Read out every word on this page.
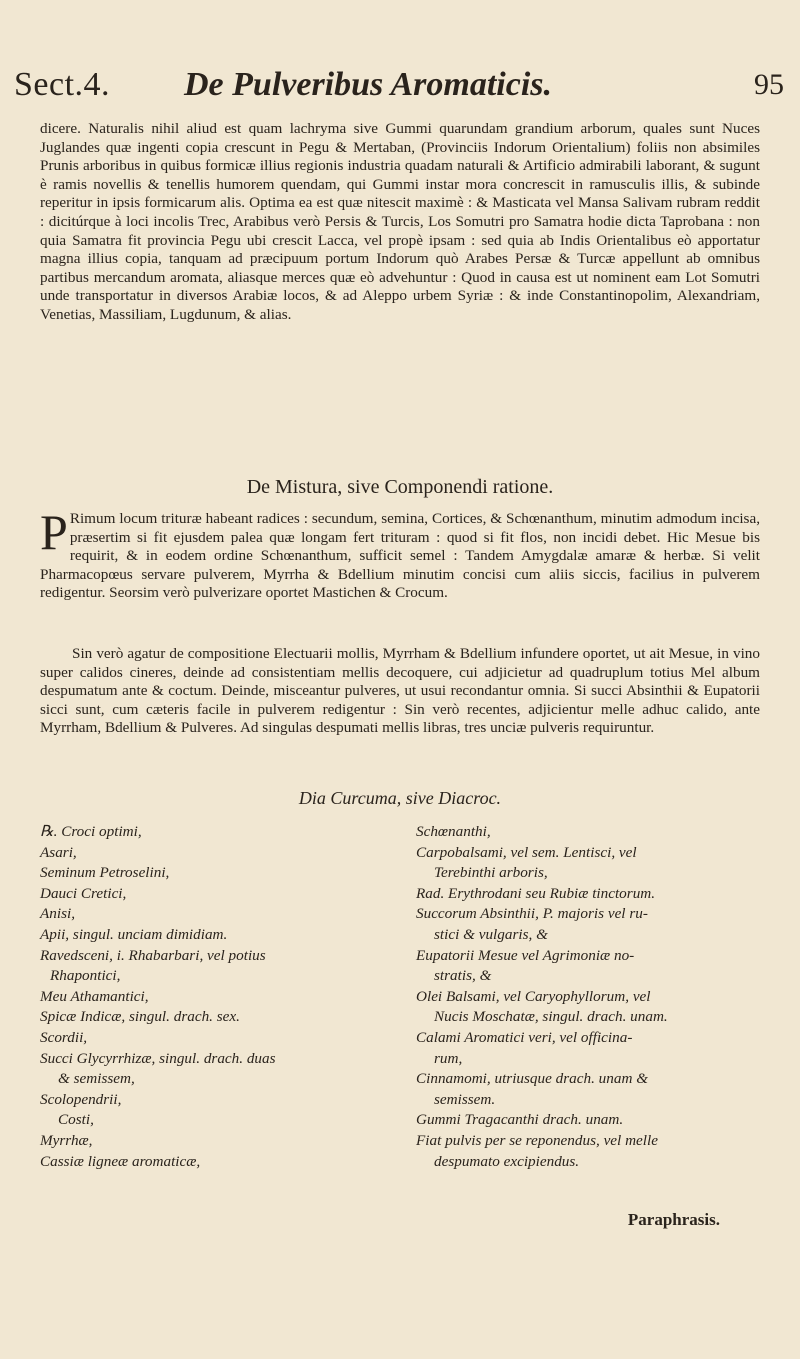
Sect.4. De Pulveribus Aromaticis.	95
dicere. Naturalis nihil aliud est quam lachryma sive Gummi quarundam grandium arborum, quales sunt Nuces Juglandes quæ ingenti copia crescunt in Pegu & Mertaban, (Provinciis Indorum Orientalium) foliis non absimiles Prunis arboribus in quibus formicæ illius regionis industria quadam naturali & Artificio admirabili laborant, & sugunt è ramis novellis & tenellis humorem quendam, qui Gummi instar mora concrescit in ramusculis illis, & subinde reperitur in ipsis formicarum alis. Optima ea est quæ nitescit maximè : & Masticata vel Mansa Salivam rubram reddit : dicitúrque à loci incolis Trec, Arabibus verò Persis & Turcis, Los Somutri pro Samatra hodie dicta Taprobana : non quia Samatra fit provincia Pegu ubi crescit Lacca, vel propè ipsam : sed quia ab Indis Orientalibus eò apportatur magna illius copia, tanquam ad præcipuum portum Indorum quò Arabes Persæ & Turcæ appellunt ab omnibus partibus mercandum aromata, aliasque merces quæ eò advehuntur : Quod in causa est ut nominent eam Lot Somutri unde transportatur in diversos Arabiæ locos, & ad Aleppo urbem Syriæ : & inde Constantinopolim, Alexandriam, Venetias, Massiliam, Lugdunum, & alias.
De Mistura, sive Componendi ratione.
P Rimum locum trituræ habeant radices : secundum, semina, Cortices, & Schœnanthum, minutim admodum incisa, præsertim si fit ejusdem palea quæ longam fert trituram : quod si fit flos, non incidi debet. Hic Mesue bis requirit, & in eodem ordine Schœnanthum, sufficit semel : Tandem Amygdalæ amaræ & herbæ. Si velit Pharmacopœus servare pulverem, Myrrha & Bdellium minutim concisi cum aliis siccis, facilius in pulverem redigentur. Seorsim verò pulverizare oportet Mastichen & Crocum.
Sin verò agatur de compositione Electuarii mollis, Myrrham & Bdellium infundere oportet, ut ait Mesue, in vino super calidos cineres, deinde ad consistentiam mellis decoquere, cui adjicietur ad quadruplum totius Mel album despumatum ante & coctum. Deinde, misceantur pulveres, ut usui recondantur omnia. Si succi Absinthii & Eupatorii sicci sunt, cum cæteris facile in pulverem redigentur : Sin verò recentes, adjicientur melle adhuc calido, ante Myrrham, Bdellium & Pulveres. Ad singulas despumati mellis libras, tres unciæ pulveris requiruntur.
Dia Curcuma, sive Diacroc.
℞. Croci optimi,
Asari,
Seminum Petroselini,
Dauci Cretici,
Anisi,
Apii, singul. unciam dimidiam.
Ravedsceni, i. Rhabarbari, vel potius
Rhapontici,
Meu Athamantici,
Spicæ Indicæ, singul. drach. sex.
Scordii,
Succi Glycyrrhizæ, singul. drach. duas
& semissem,
Scolopendrii,
Costi,
Myrrhæ,
Cassiæ ligneæ aromaticæ,
Schœnanthi,
Carpobalsami, vel sem. Lentisci, vel
Terebinthi arboris,
Rad. Erythrodani seu Rubiæ tinctorum.
Succorum Absinthii, P. majoris vel ru-
stici & vulgaris, &
Eupatorii Mesue vel Agrimoniæ no-
stratis, &
Olei Balsami, vel Caryophyllorum, vel
Nucis Moschatæ, singul. drach. unam.
Calami Aromatici veri, vel officina-
rum,
Cinnamomi, utriusque drach. unam &
semissem.
Gummi Tragacanthi drach. unam.
Fiat pulvis per se reponendus, vel melle
despumato excipiendus.
Paraphrasis.
